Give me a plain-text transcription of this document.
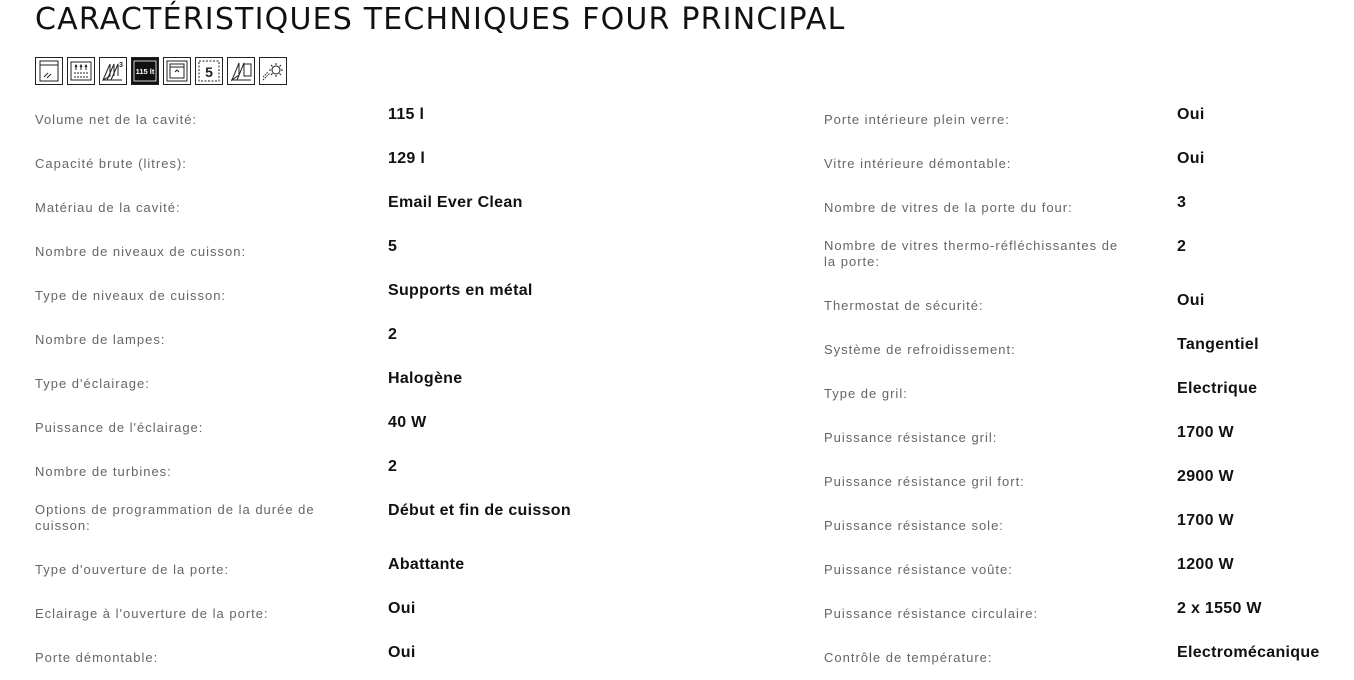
CARACTÉRISTIQUES TECHNIQUES FOUR PRINCIPAL
3
115 lt	5
Volume net de la cavité:	115 l
Capacité brute (litres):	129 l
Matériau de la cavité:	Email Ever Clean
Nombre de niveaux de cuisson:	5
Type de niveaux de cuisson:	Supports en métal
Nombre de lampes:	2
Type d'éclairage:	Halogène
Puissance de l'éclairage:	40 W
Nombre de turbines:	2
Options de programmation de la durée de cuisson:
Début et fin de cuisson
Type d'ouverture de la porte:	Abattante
Eclairage à l'ouverture de la porte:	Oui
Porte démontable:	Oui
Porte intérieure plein verre:	Oui
Vitre intérieure démontable:	Oui
Nombre de vitres de la porte du four:	3
Nombre de vitres thermo-réfléchissantes de la porte:
2
Thermostat de sécurité:	Oui
Système de refroidissement:	Tangentiel
Type de gril:	Electrique
Puissance résistance gril:	1700 W
Puissance résistance gril fort:	2900 W
Puissance résistance sole:	1700 W
Puissance résistance voûte:	1200 W
Puissance résistance circulaire:	2 x 1550 W
Contrôle de température:	Electromécanique
